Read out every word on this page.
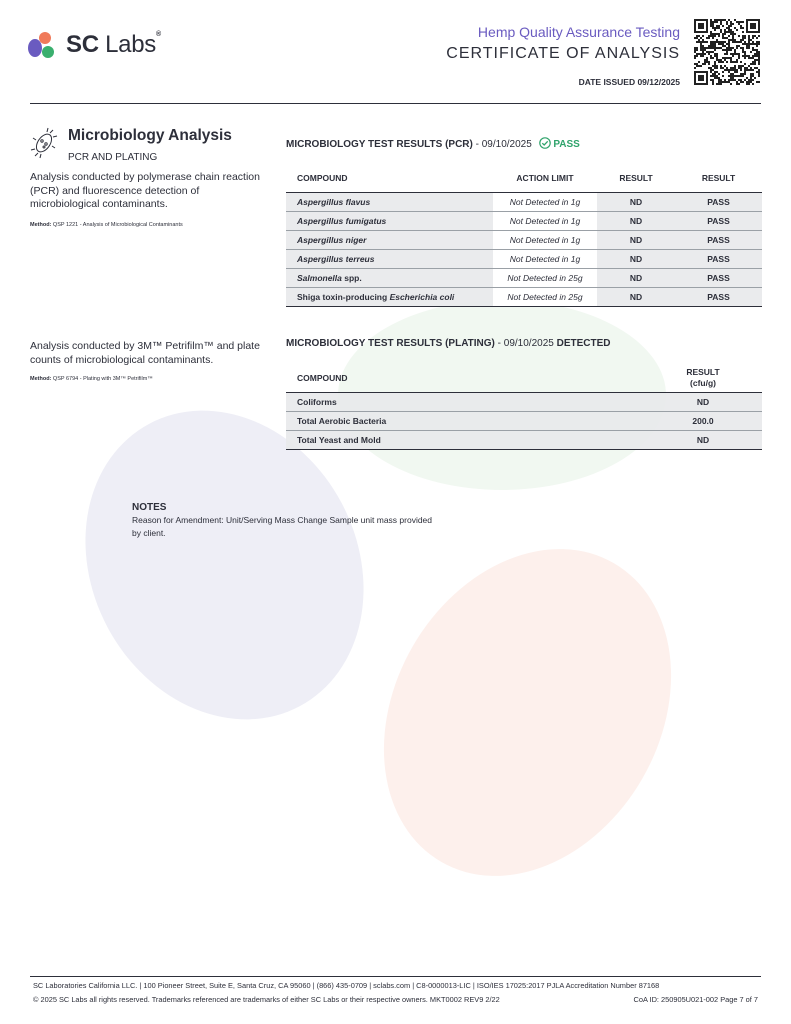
SC Labs®	Hemp Quality Assurance Testing
CERTIFICATE OF ANALYSIS
DATE ISSUED 09/12/2025
Microbiology Analysis
PCR AND PLATING
Analysis conducted by polymerase chain reaction (PCR) and fluorescence detection of microbiological contaminants.
Method: QSP 1221 - Analysis of Microbiological Contaminants
Analysis conducted by 3M™ Petrifilm™ and plate counts of microbiological contaminants.
Method: QSP 6794 - Plating with 3M™ Petrifilm™
MICROBIOLOGY TEST RESULTS (PCR) - 09/10/2025 PASS
COMPOUND	ACTION LIMIT	RESULT	RESULT
Aspergillus flavus	Not Detected in 1g	ND	PASS
Aspergillus fumigatus	Not Detected in 1g	ND	PASS
Aspergillus niger	Not Detected in 1g	ND	PASS
Aspergillus terreus	Not Detected in 1g	ND	PASS
Salmonella spp.	Not Detected in 25g	ND	PASS
Shiga toxin-producing Escherichia coli	Not Detected in 25g	ND	PASS
MICROBIOLOGY TEST RESULTS (PLATING) - 09/10/2025 DETECTED
COMPOUND	RESULT
(cfu/g)
Coliforms	ND
Total Aerobic Bacteria	200.0
Total Yeast and Mold	ND
NOTES
Reason for Amendment: Unit/Serving Mass Change Sample unit mass provided by client.
SC Laboratories California LLC. | 100 Pioneer Street, Suite E, Santa Cruz, CA 95060 | (866) 435-0709 | sclabs.com | C8-0000013-LIC | ISO/IES 17025:2017 PJLA Accreditation Number 87168
© 2025 SC Labs all rights reserved. Trademarks referenced are trademarks of either SC Labs or their respective owners. MKT0002 REV9 2/22	CoA ID: 250905U021-002 Page 7 of 7
